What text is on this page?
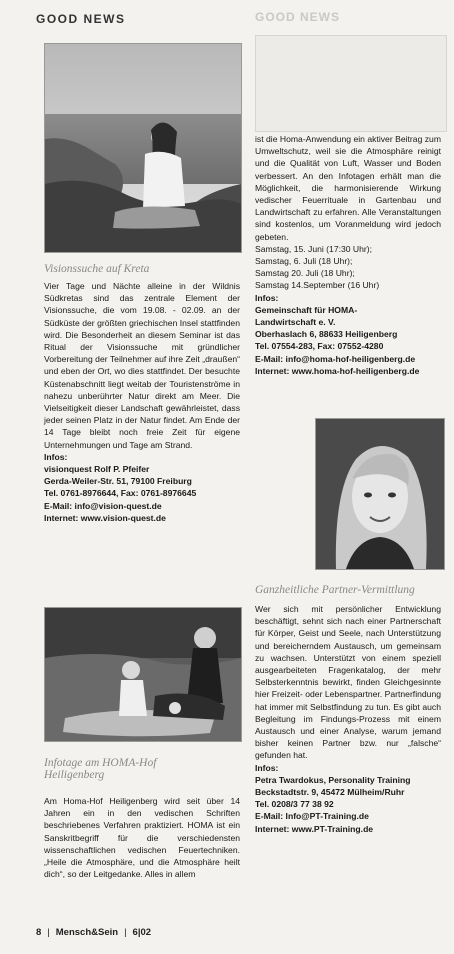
GOOD NEWS	GOOD NEWS
Visionssuche auf Kreta

Vier Tage und Nächte alleine in der Wildnis Südkretas sind das zentrale Element der Visionssuche, die vom 19.08. - 02.09. an der Südküste der größten griechischen Insel stattfinden wird. Die Besonderheit an diesem Seminar ist das Ritual der Visionssuche mit gründlicher Vorbereitung der Teilnehmer auf ihre Zeit „draußen“ und eben der Ort, wo dies stattfindet. Der besuchte Küstenabschnitt liegt weitab der Touristenströme in nahezu unberührter Natur direkt am Meer. Die Vielseitigkeit dieser Landschaft gewährleistet, dass jeder seinen Platz in der Natur findet. Am Ende der 14 Tage bleibt noch freie Zeit für eigene Unternehmungen und Tage am Strand.

Infos:
visionquest Rolf P. Pfeifer
Gerda-Weiler-Str. 51, 79100 Freiburg
Tel. 0761-8976644, Fax: 0761-8976645
E-Mail: info@vision-quest.de
Internet: www.vision-quest.de
Infotage am HOMA-Hof
Heiligenberg

Am Homa-Hof Heiligenberg wird seit über 14 Jahren ein in den vedischen Schriften beschriebenes Verfahren praktiziert. HOMA ist ein Sanskritbegriff für die verschiedensten wissenschaftlichen vedischen Feuertechniken. „Heile die Atmosphäre, und die Atmosphäre heilt dich“, so der Leitgedanke. Alles in allem

ist die Homa-Anwendung ein aktiver Beitrag zum Umweltschutz, weil sie die Atmosphäre reinigt und die Qualität von Luft, Wasser und Boden verbessert. An den Infotagen erhält man die Möglichkeit, die harmonisierende Wirkung vedischer Feuerrituale in Gartenbau und Landwirtschaft zu erfahren. Alle Veranstaltungen sind kostenlos, um Voranmeldung wird jedoch gebeten.

Samstag, 15. Juni (17:30 Uhr);
Samstag, 6. Juli (18 Uhr);
Samstag 20. Juli (18 Uhr);
Samstag 14.September (16 Uhr)
Infos:
Gemeinschaft für HOMA-
Landwirtschaft e. V.
Oberhaslach 6, 88633 Heiligenberg
Tel. 07554-283, Fax: 07552-4280
E-Mail: info@homa-hof-heiligenberg.de
Internet: www.homa-hof-heiligenberg.de
Ganzheitliche Partner-Vermittlung

Wer sich mit persönlicher Entwicklung beschäftigt, sehnt sich nach einer Partnerschaft für Körper, Geist und Seele, nach Unterstützung und bereicherndem Austausch, um gemeinsam zu wachsen. Unterstützt von einem speziell ausgearbeiteten Fragenkatalog, der mehr Selbsterkenntnis bewirkt, finden Gleichgesinnte hier Freizeit- oder Lebenspartner. Partnerfindung hat immer mit Selbstfindung zu tun. Es gibt auch Begleitung im Findungs-Prozess mit einem Austausch und einer Analyse, warum jemand bisher keinen Partner bzw. nur „falsche“ gefunden hat.

Infos:
Petra Twardokus, Personality Training
Beckstadtstr. 9, 45472 Mülheim/Ruhr
Tel. 0208/3 77 38 92
E-Mail: Info@PT-Training.de
Internet: www.PT-Training.de
8 | Mensch&Sein | 6|02
